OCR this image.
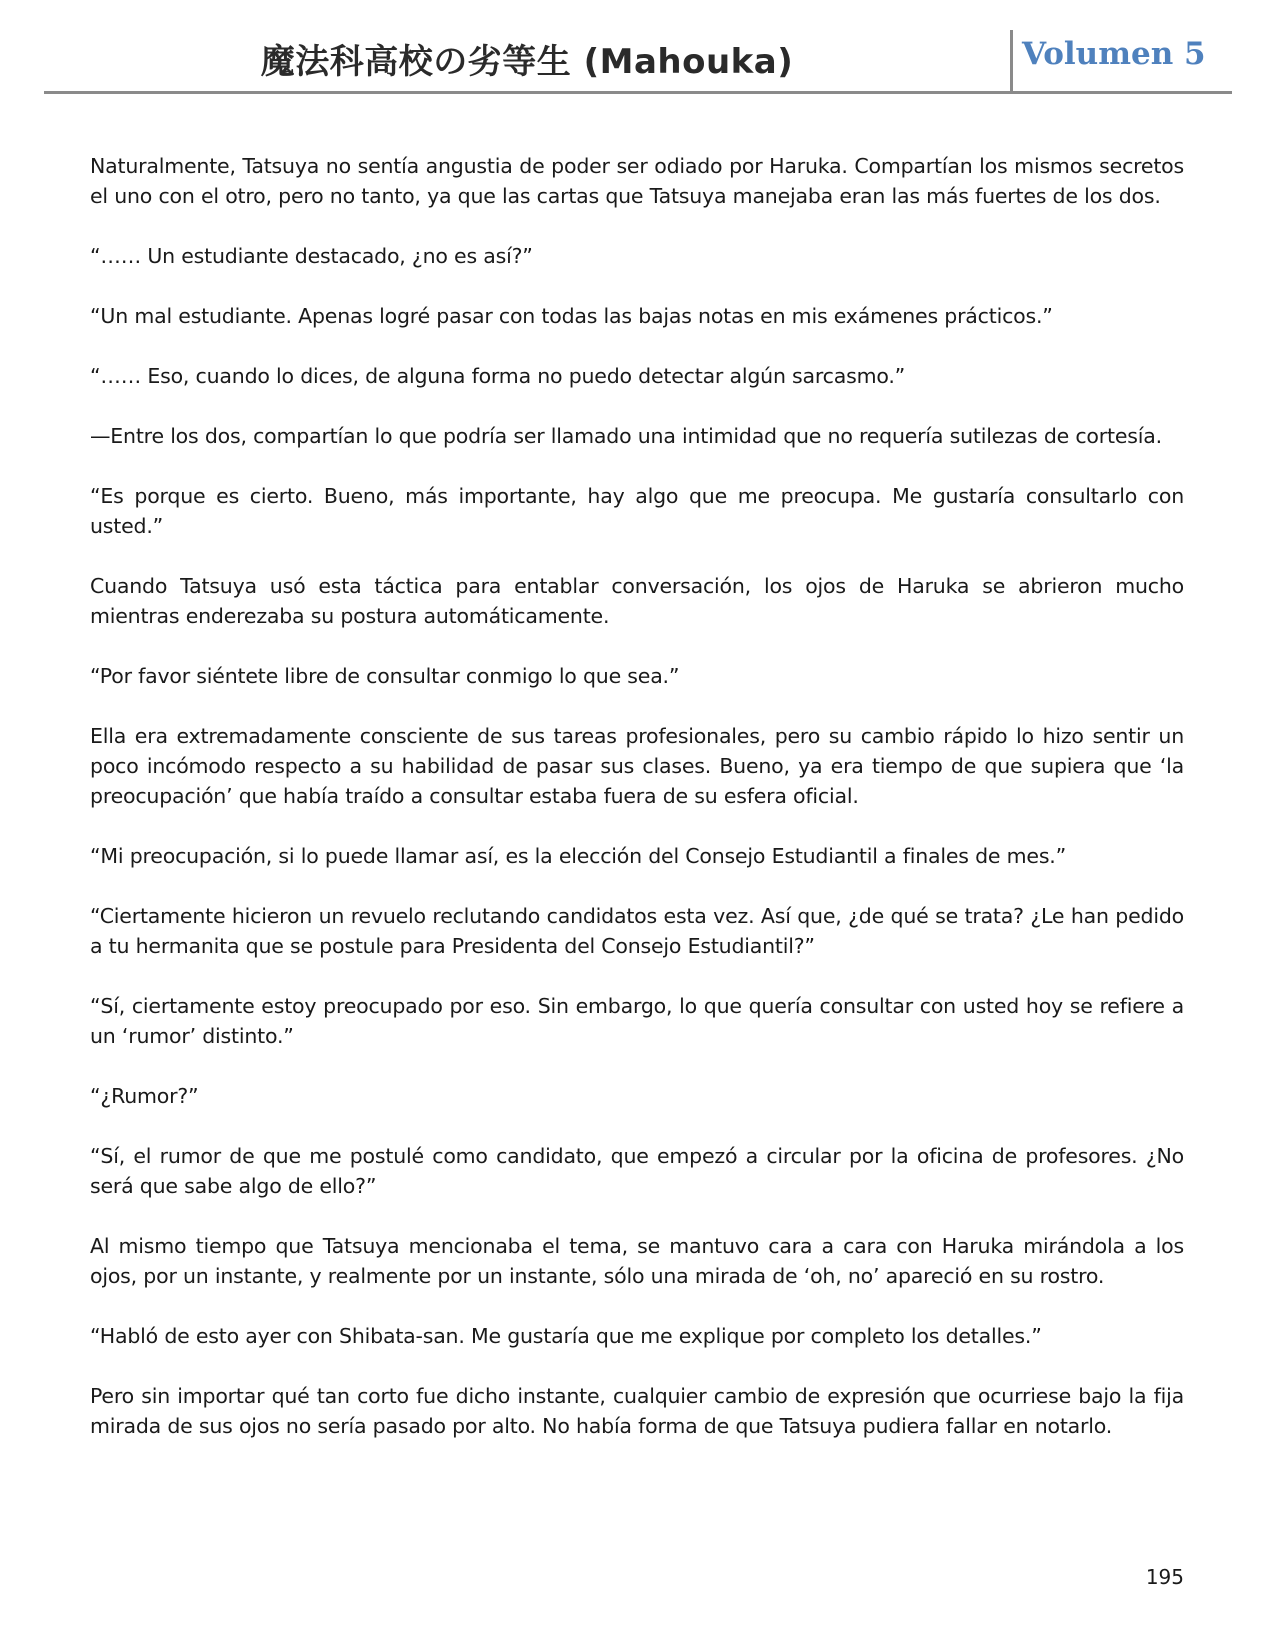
魔法科高校の劣等生 (Mahouka)	Volumen 5

Naturalmente, Tatsuya no sentía angustia de poder ser odiado por Haruka. Compartían los mismos secretos el uno con el otro, pero no tanto, ya que las cartas que Tatsuya manejaba eran las más fuertes de los dos.

“…… Un estudiante destacado, ¿no es así?”

“Un mal estudiante. Apenas logré pasar con todas las bajas notas en mis exámenes prácticos.”

“…… Eso, cuando lo dices, de alguna forma no puedo detectar algún sarcasmo.”

—Entre los dos, compartían lo que podría ser llamado una intimidad que no requería sutilezas de cortesía.

“Es porque es cierto. Bueno, más importante, hay algo que me preocupa. Me gustaría consultarlo con usted.”

Cuando Tatsuya usó esta táctica para entablar conversación, los ojos de Haruka se abrieron mucho mientras enderezaba su postura automáticamente.

“Por favor siéntete libre de consultar conmigo lo que sea.”

Ella era extremadamente consciente de sus tareas profesionales, pero su cambio rápido lo hizo sentir un poco incómodo respecto a su habilidad de pasar sus clases. Bueno, ya era tiempo de que supiera que ‘la preocupación’ que había traído a consultar estaba fuera de su esfera oficial.

“Mi preocupación, si lo puede llamar así, es la elección del Consejo Estudiantil a finales de mes.”

“Ciertamente hicieron un revuelo reclutando candidatos esta vez. Así que, ¿de qué se trata? ¿Le han pedido a tu hermanita que se postule para Presidenta del Consejo Estudiantil?”

“Sí, ciertamente estoy preocupado por eso. Sin embargo, lo que quería consultar con usted hoy se refiere a un ‘rumor’ distinto.”

“¿Rumor?”

“Sí, el rumor de que me postulé como candidato, que empezó a circular por la oficina de profesores. ¿No será que sabe algo de ello?”

Al mismo tiempo que Tatsuya mencionaba el tema, se mantuvo cara a cara con Haruka mirándola a los ojos, por un instante, y realmente por un instante, sólo una mirada de ‘oh, no’ apareció en su rostro.

“Habló de esto ayer con Shibata-san. Me gustaría que me explique por completo los detalles.”

Pero sin importar qué tan corto fue dicho instante, cualquier cambio de expresión que ocurriese bajo la fija mirada de sus ojos no sería pasado por alto. No había forma de que Tatsuya pudiera fallar en notarlo.

195
